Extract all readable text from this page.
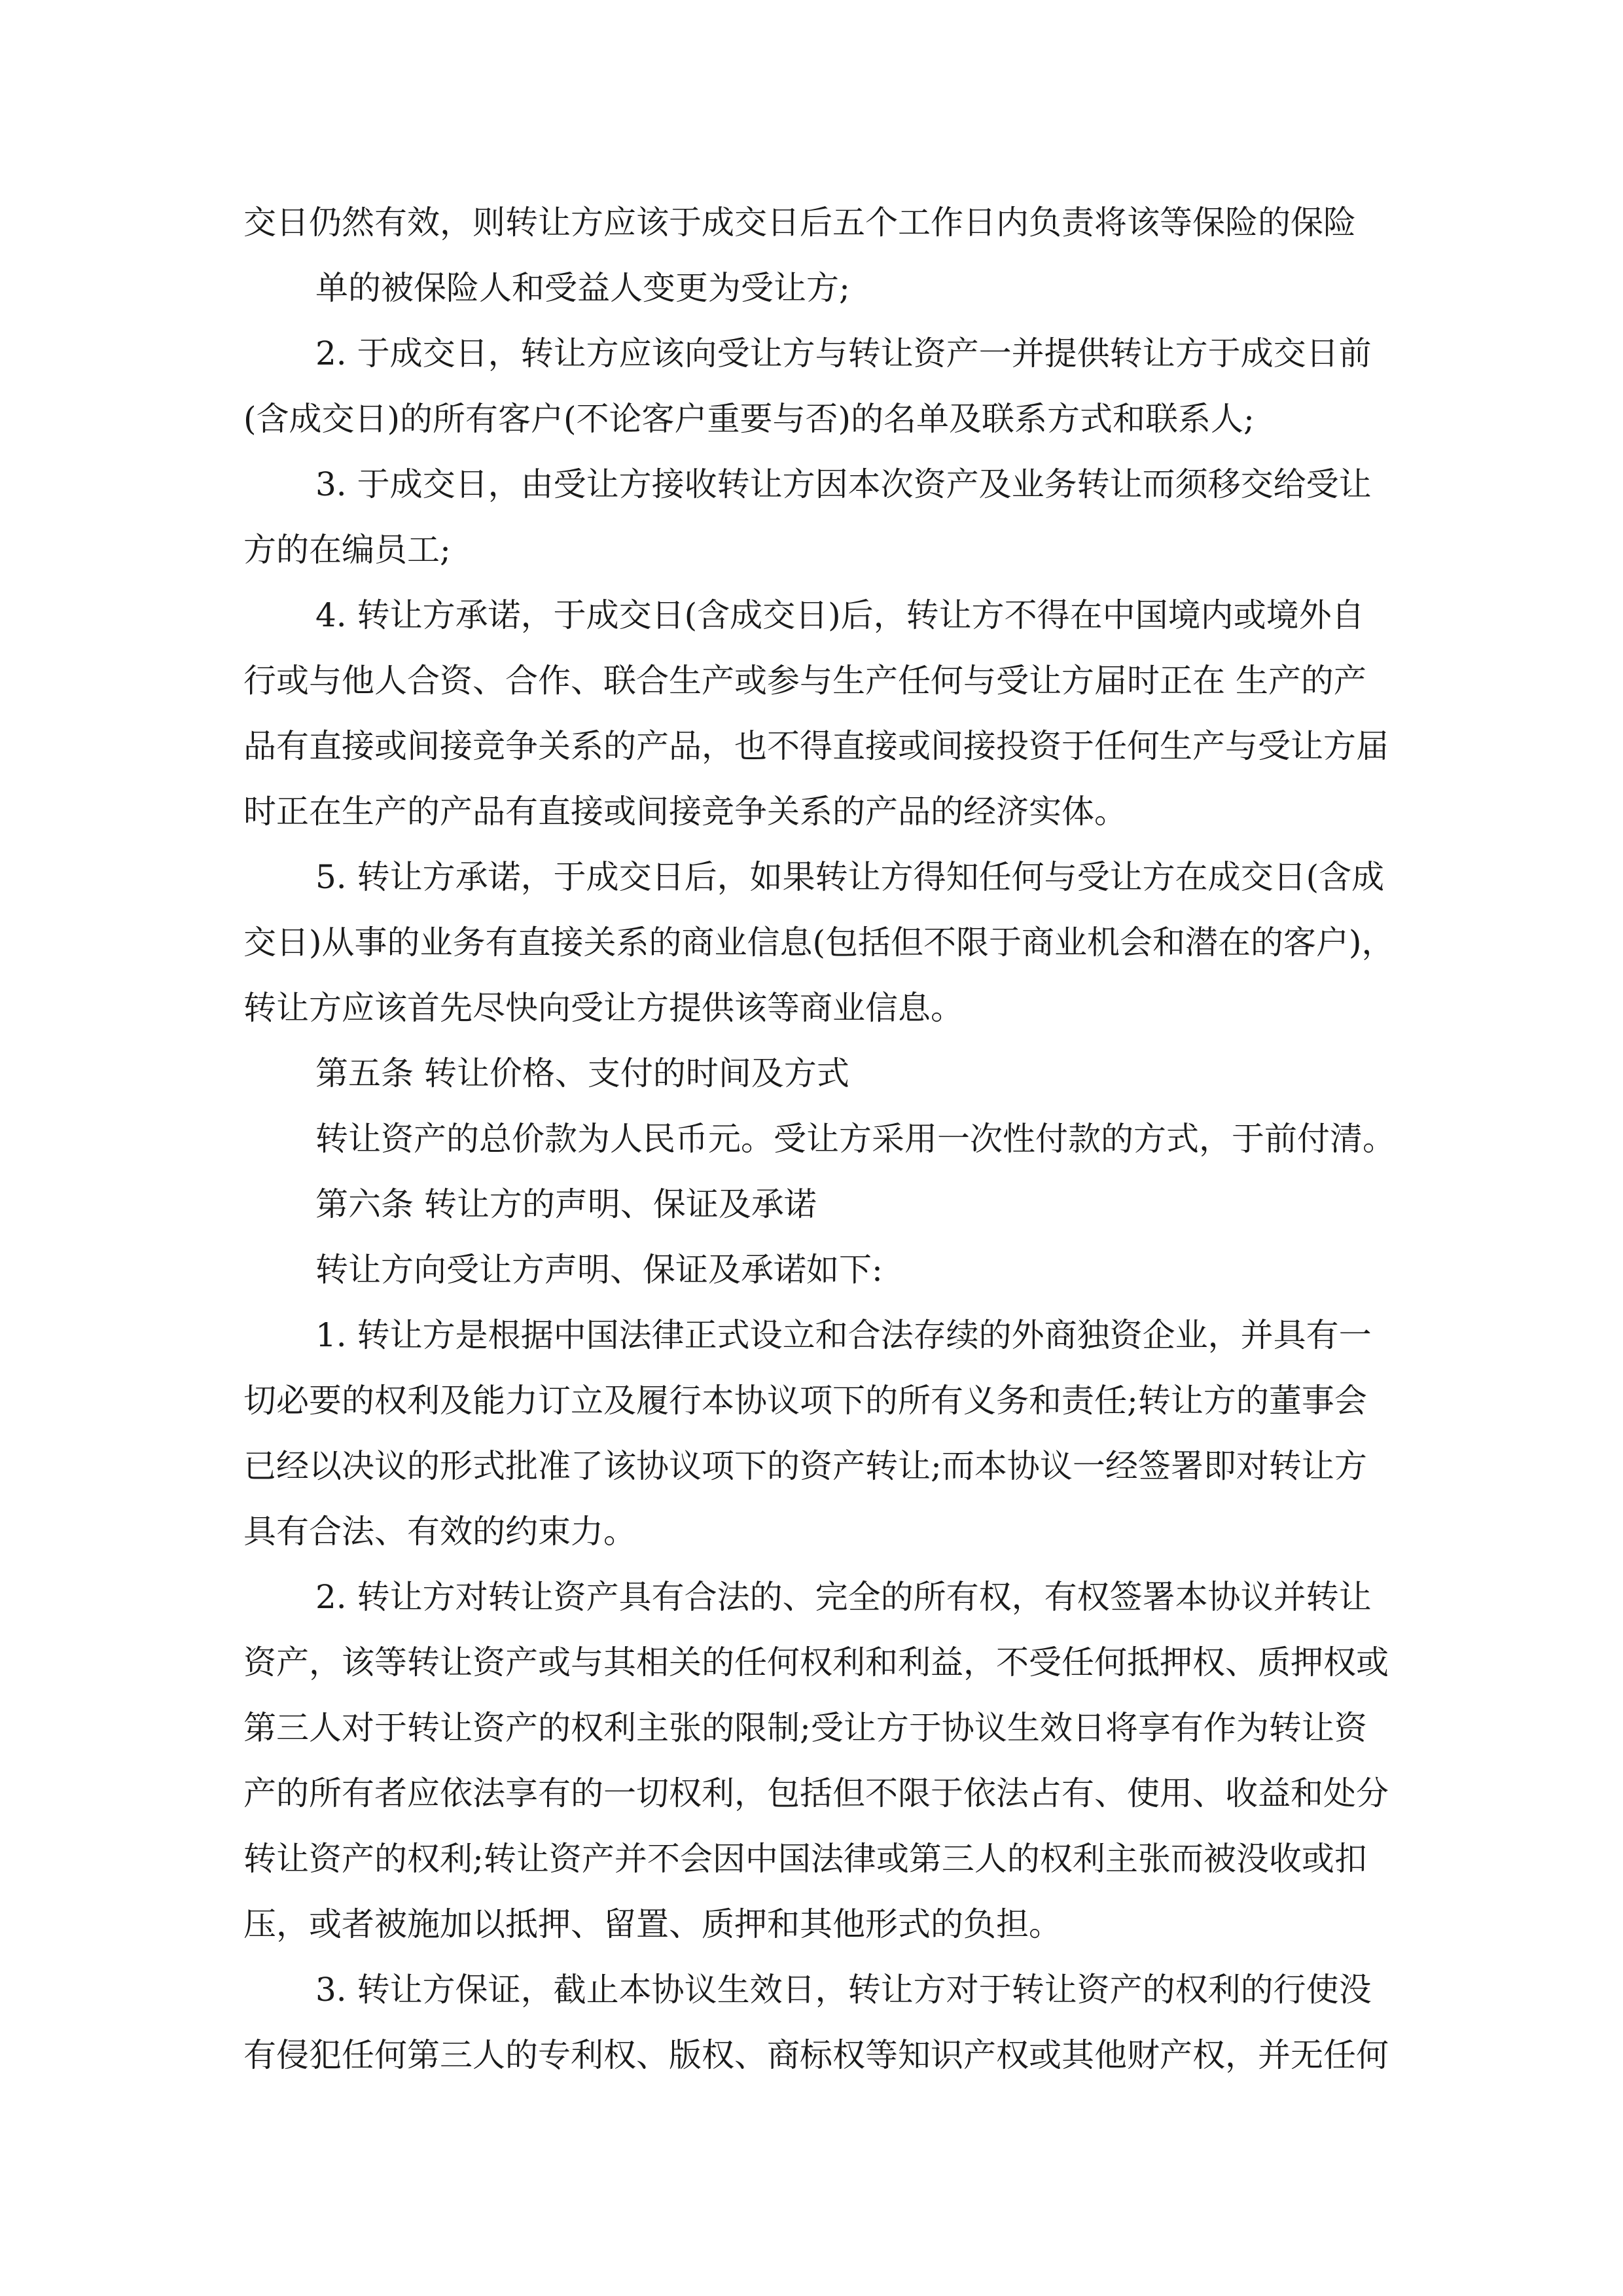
交日仍然有效，则转让方应该于成交日后五个工作日内负责将该等保险的保险
单的被保险人和受益人变更为受让方;
2. 于成交日，转让方应该向受让方与转让资产一并提供转让方于成交日前
(含成交日)的所有客户(不论客户重要与否)的名单及联系方式和联系人;
3. 于成交日，由受让方接收转让方因本次资产及业务转让而须移交给受让
方的在编员工;
4. 转让方承诺，于成交日(含成交日)后，转让方不得在中国境内或境外自
行或与他人合资、合作、联合生产或参与生产任何与受让方届时正在 生产的产
品有直接或间接竞争关系的产品，也不得直接或间接投资于任何生产与受让方届
时正在生产的产品有直接或间接竞争关系的产品的经济实体。
5. 转让方承诺，于成交日后，如果转让方得知任何与受让方在成交日(含成
交日)从事的业务有直接关系的商业信息(包括但不限于商业机会和潜在的客户)，
转让方应该首先尽快向受让方提供该等商业信息。
第五条 转让价格、支付的时间及方式
转让资产的总价款为人民币元。受让方采用一次性付款的方式，于前付清。
第六条 转让方的声明、保证及承诺
转让方向受让方声明、保证及承诺如下:
1. 转让方是根据中国法律正式设立和合法存续的外商独资企业，并具有一
切必要的权利及能力订立及履行本协议项下的所有义务和责任;转让方的董事会
已经以决议的形式批准了该协议项下的资产转让;而本协议一经签署即对转让方
具有合法、有效的约束力。
2. 转让方对转让资产具有合法的、完全的所有权，有权签署本协议并转让
资产，该等转让资产或与其相关的任何权利和利益，不受任何抵押权、质押权或
第三人对于转让资产的权利主张的限制;受让方于协议生效日将享有作为转让资
产的所有者应依法享有的一切权利，包括但不限于依法占有、使用、收益和处分
转让资产的权利;转让资产并不会因中国法律或第三人的权利主张而被没收或扣
压，或者被施加以抵押、留置、质押和其他形式的负担。
3. 转让方保证，截止本协议生效日，转让方对于转让资产的权利的行使没
有侵犯任何第三人的专利权、版权、商标权等知识产权或其他财产权，并无任何
